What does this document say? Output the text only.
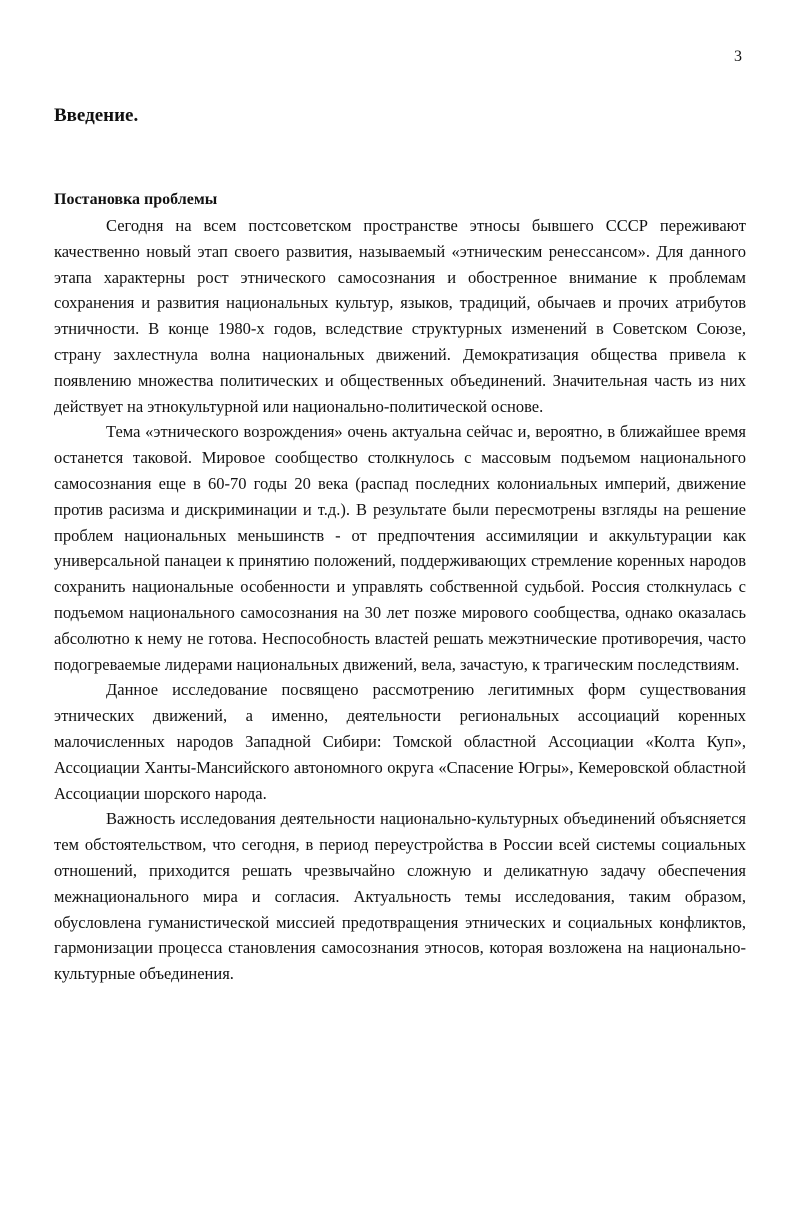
3
Введение.
Постановка проблемы

Сегодня на всем постсоветском пространстве этносы бывшего СССР переживают качественно новый этап своего развития, называемый «этническим ренессансом». Для данного этапа характерны рост этнического самосознания и обостренное внимание к проблемам сохранения и развития национальных культур, языков, традиций, обычаев и прочих атрибутов этничности. В конце 1980-х годов, вследствие структурных изменений в Советском Союзе, страну захлестнула волна национальных движений. Демократизация общества привела к появлению множества политических и общественных объединений. Значительная часть из них действует на этнокультурной или национально-политической основе.

Тема «этнического возрождения» очень актуальна сейчас и, вероятно, в ближайшее время останется таковой. Мировое сообщество столкнулось с массовым подъемом национального самосознания еще в 60-70 годы 20 века (распад последних колониальных империй, движение против расизма и дискриминации и т.д.). В результате были пересмотрены взгляды на решение проблем национальных меньшинств - от предпочтения ассимиляции и аккультурации как универсальной панацеи к принятию положений, поддерживающих стремление коренных народов сохранить национальные особенности и управлять собственной судьбой. Россия столкнулась с подъемом национального самосознания на 30 лет позже мирового сообщества, однако оказалась абсолютно к нему не готова. Неспособность властей решать межэтнические противоречия, часто подогреваемые лидерами национальных движений, вела, зачастую, к трагическим последствиям.

Данное исследование посвящено рассмотрению легитимных форм существования этнических движений, а именно, деятельности региональных ассоциаций коренных малочисленных народов Западной Сибири: Томской областной Ассоциации «Колта Куп», Ассоциации Ханты-Мансийского автономного округа «Спасение Югры», Кемеровской областной Ассоциации шорского народа.

Важность исследования деятельности национально-культурных объединений объясняется тем обстоятельством, что сегодня, в период переустройства в России всей системы социальных отношений, приходится решать чрезвычайно сложную и деликатную задачу обеспечения межнационального мира и согласия. Актуальность темы исследования, таким образом, обусловлена гуманистической миссией предотвращения этнических и социальных конфликтов, гармонизации процесса становления самосознания этносов, которая возложена на национально-культурные объединения.
